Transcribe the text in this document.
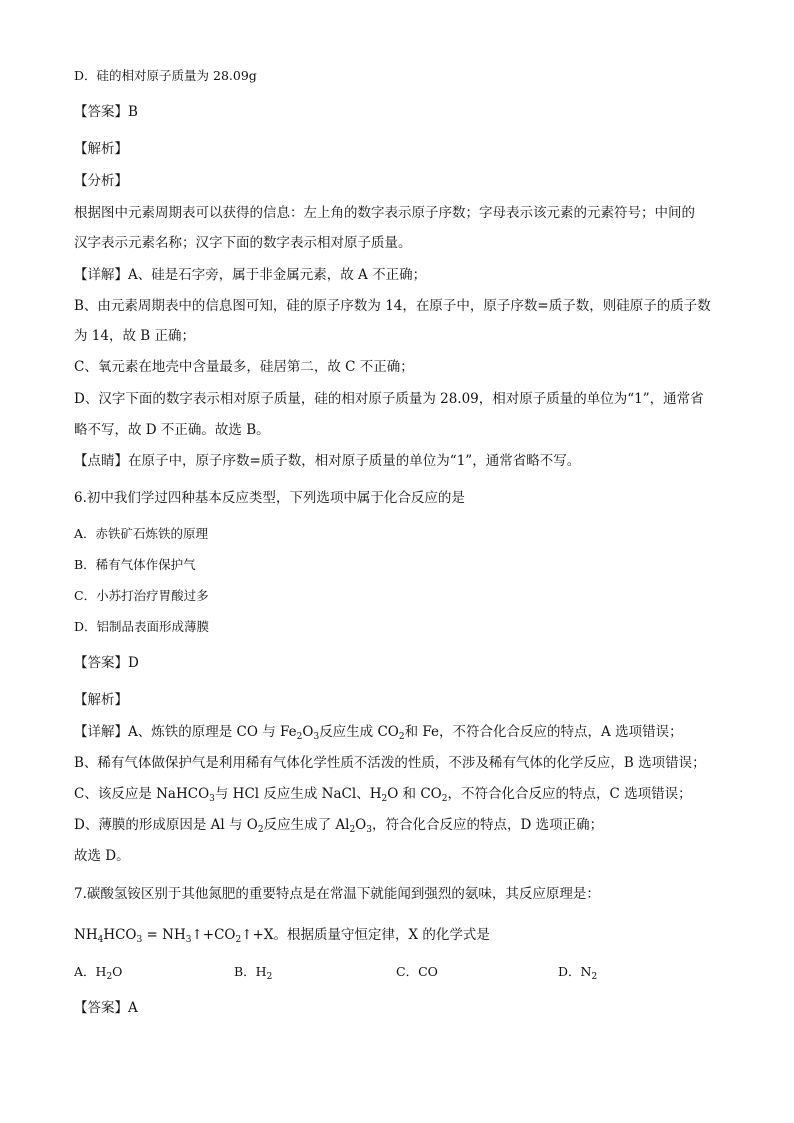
D．硅的相对原子质量为 28.09g
【答案】B
【解析】
【分析】
根据图中元素周期表可以获得的信息：左上角的数字表示原子序数；字母表示该元素的元素符号；中间的
汉字表示元素名称；汉字下面的数字表示相对原子质量。
【详解】A、硅是石字旁，属于非金属元素，故 A 不正确；
B、由元素周期表中的信息图可知，硅的原子序数为 14，在原子中，原子序数=质子数，则硅原子的质子数
为 14，故 B 正确；
C、氧元素在地壳中含量最多，硅居第二，故 C 不正确；
D、汉字下面的数字表示相对原子质量，硅的相对原子质量为 28.09，相对原子质量的单位为“1”，通常省
略不写，故 D 不正确。故选 B。
【点睛】在原子中，原子序数=质子数，相对原子质量的单位为“1”，通常省略不写。
6.初中我们学过四种基本反应类型，下列选项中属于化合反应的是
A．赤铁矿石炼铁的原理
B．稀有气体作保护气
C．小苏打治疗胃酸过多
D．铝制品表面形成薄膜
【答案】D
【解析】
【详解】A、炼铁的原理是 CO 与 $Fe_2O_3$反应生成 $CO_2$和 Fe，不符合化合反应的特点，A 选项错误；
B、稀有气体做保护气是利用稀有气体化学性质不活泼的性质，不涉及稀有气体的化学反应，B 选项错误；
C、该反应是 NaHCO$_3$与 HCl 反应生成 NaCl、$H_2O$ 和 $CO_2$，不符合化合反应的特点，C 选项错误；
D、薄膜的形成原因是 Al 与 $O_2$反应生成了 $Al_2O_3$，符合化合反应的特点，D 选项正确；
故选 D。
7.碳酸氢铵区别于其他氮肥的重要特点是在常温下就能闻到强烈的氨味，其反应原理是：
$NH_4HCO_3$ = $NH_3↑+CO_2↑+X$。根据质量守恒定律，X 的化学式是
A．$H_2O$	B．$H_2$	C．CO	D．$N_2$
【答案】A
